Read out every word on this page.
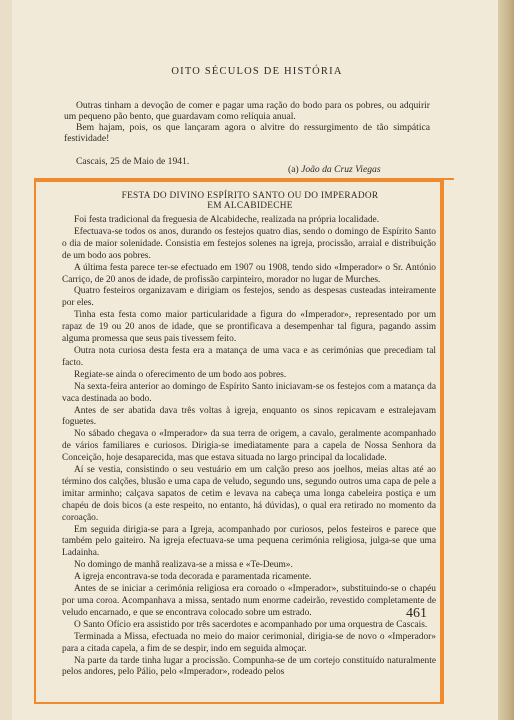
OITO SÉCULOS DE HISTÓRIA

Outras tinham a devoção de comer e pagar uma ração do bodo para os pobres, ou adquirir um pequeno pão bento, que guardavam como relíquia anual.

Bem hajam, pois, os que lançaram agora o alvitre do ressurgimento de tão simpática festividade!

Cascais, 25 de Maio de 1941.

(a) João da Cruz Viegas
FESTA DO DIVINO ESPÍRITO SANTO OU DO IMPERADOR
EM ALCABIDECHE

Foi festa tradicional da freguesia de Alcabideche, realizada na própria localidade.

Efectuava-se todos os anos, durando os festejos quatro dias, sendo o domingo de Espírito Santo o dia de maior solenidade. Consistia em festejos solenes na igreja, procissão, arraial e distribuição de um bodo aos pobres.

A última festa parece ter-se efectuado em 1907 ou 1908, tendo sido «Imperador» o Sr. António Carriço, de 20 anos de idade, de profissão carpinteiro, morador no lugar de Murches.

Quatro festeiros organizavam e dirigiam os festejos, sendo as despesas custeadas inteiramente por eles.

Tinha esta festa como maior particularidade a figura do «Imperador», representado por um rapaz de 19 ou 20 anos de idade, que se prontificava a desempenhar tal figura, pagando assim alguma promessa que seus pais tivessem feito.

Outra nota curiosa desta festa era a matança de uma vaca e as cerimónias que precediam tal facto.

Regiate-se ainda o oferecimento de um bodo aos pobres.

Na sexta-feira anterior ao domingo de Espírito Santo iniciavam-se os festejos com a matança da vaca destinada ao bodo.

Antes de ser abatida dava três voltas à igreja, enquanto os sinos repicavam e estralejavam foguetes.

No sábado chegava o «Imperador» da sua terra de origem, a cavalo, geralmente acompanhado de vários familiares e curiosos. Dirigia-se imediatamente para a capela de Nossa Senhora da Conceição, hoje desaparecida, mas que estava situada no largo principal da localidade.

Aí se vestia, consistindo o seu vestuário em um calção preso aos joelhos, meias altas até ao término dos calções, blusão e uma capa de veludo, segundo uns, segundo outros uma capa de pele a imitar arminho; calçava sapatos de cetim e levava na cabeça uma longa cabeleira postiça e um chapéu de dois bicos (a este respeito, no entanto, há dúvidas), o qual era retirado no momento da coroação.

Em seguida dirigia-se para a Igreja, acompanhado por curiosos, pelos festeiros e parece que também pelo gaiteiro. Na igreja efectuava-se uma pequena cerimónia religiosa, julga-se que uma Ladainha.

No domingo de manhã realizava-se a missa e «Te-Deum».

A igreja encontrava-se toda decorada e paramentada ricamente.

Antes de se iniciar a cerimónia religiosa era coroado o «Imperador», substituindo-se o chapéu por uma coroa. Acompanhava a missa, sentado num enorme cadeirão, revestido completamente de veludo encarnado, e que se encontrava colocado sobre um estrado.

O Santo Ofício era assistido por três sacerdotes e acompanhado por uma orquestra de Cascais.

Terminada a Missa, efectuada no meio do maior cerimonial, dirigia-se de novo o «Imperador» para a citada capela, a fim de se despir, indo em seguida almoçar.

Na parte da tarde tinha lugar a procissão. Compunha-se de um cortejo constituído naturalmente pelos andores, pelo Pálio, pelo «Imperador», rodeado pelos

461
